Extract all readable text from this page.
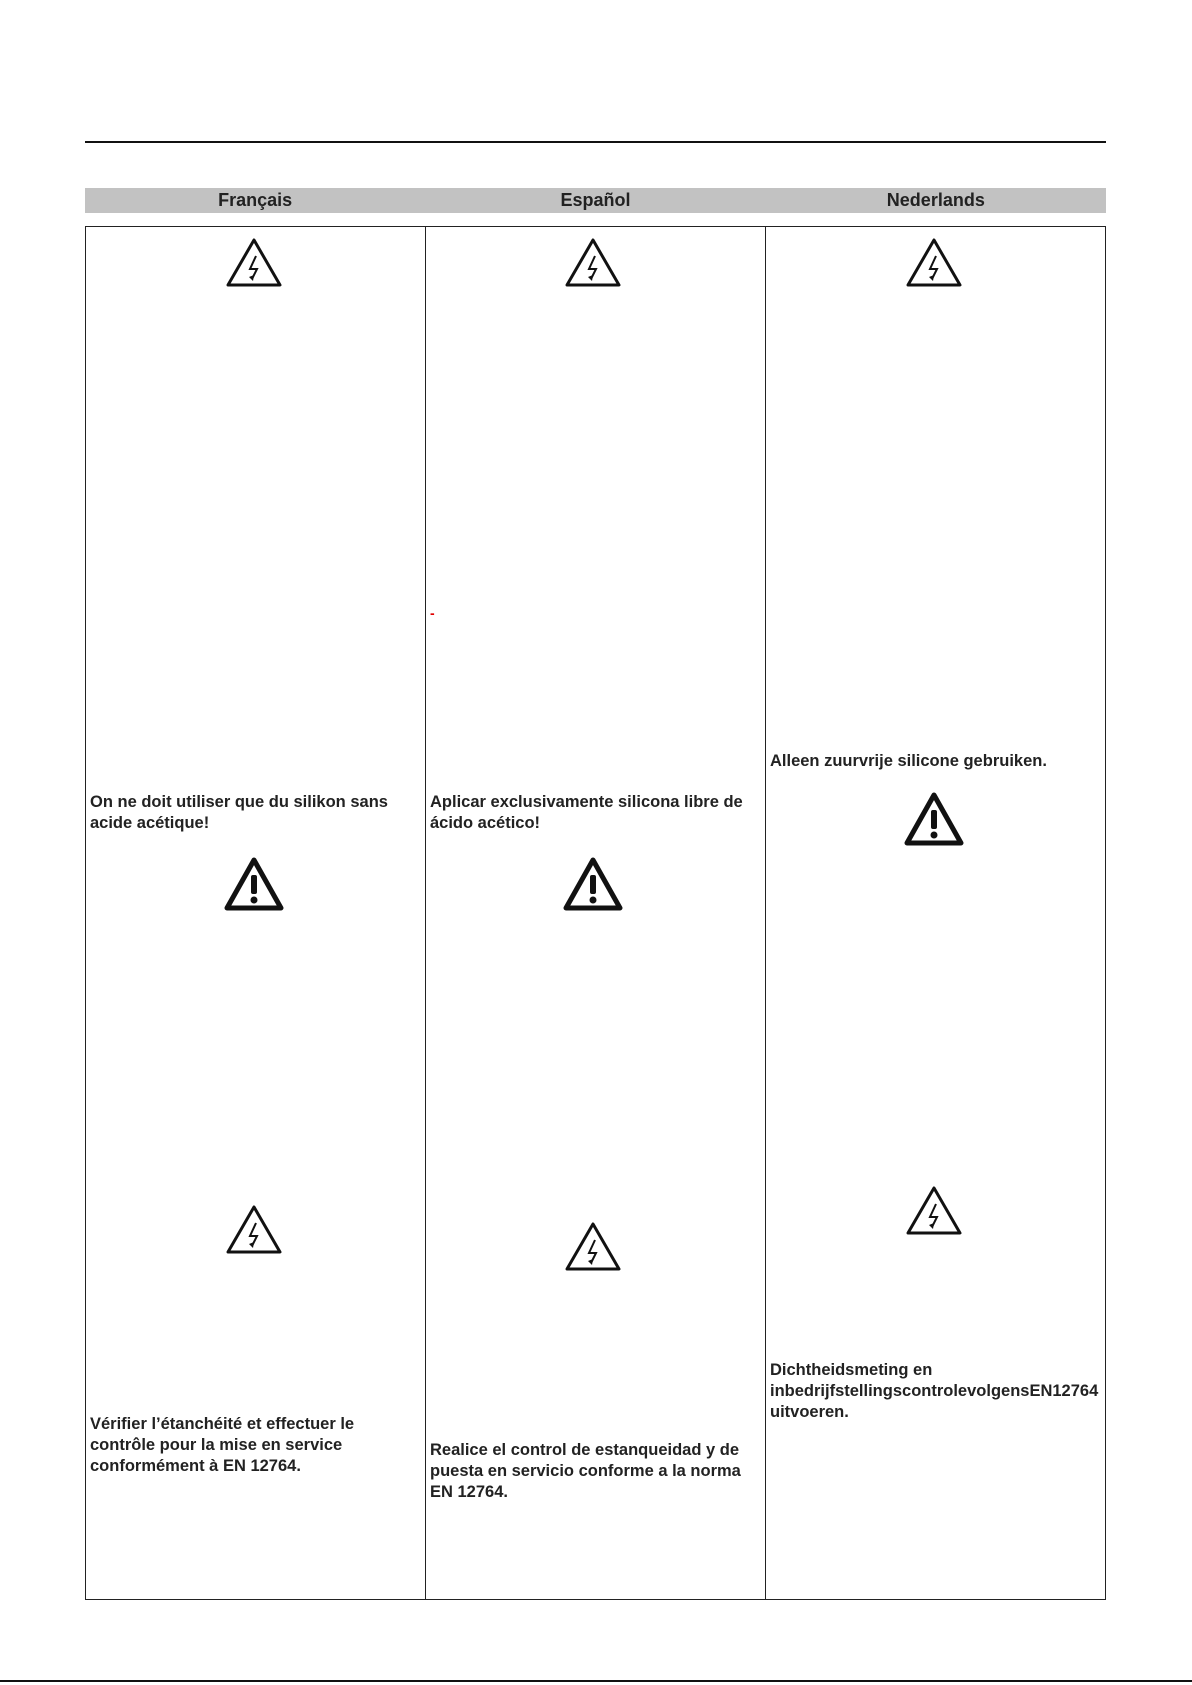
Français	Español	Nederlands

On ne doit utiliser que du silikon sans acide acétique!

Vérifier l’étanchéité et effectuer le contrôle pour la mise en service conformément à EN 12764.

-

Aplicar exclusivamente silicona libre de ácido acético!

Realice el control de estanqueidad y de puesta en servicio conforme a la norma EN 12764.

Alleen zuurvrije silicone gebruiken.

Dichtheidsmeting en inbedrijfstellingscontrolevolgensEN12764 uitvoeren.
